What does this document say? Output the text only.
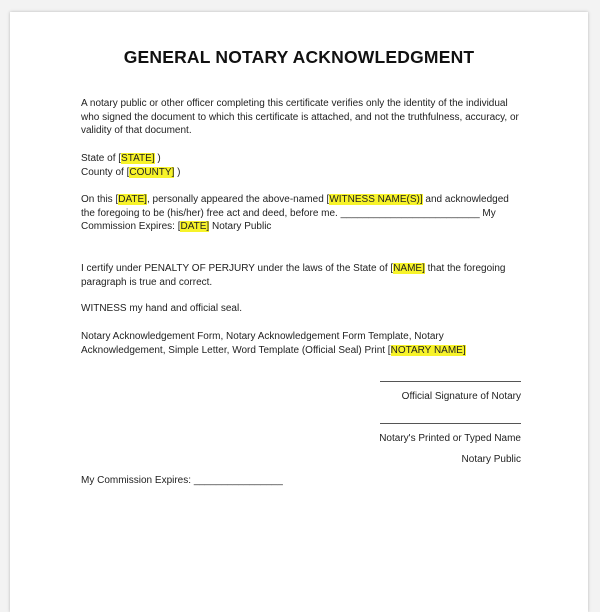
GENERAL NOTARY ACKNOWLEDGMENT

A notary public or other officer completing this certificate verifies only the identity of the individual who signed the document to which this certificate is attached, and not the truthfulness, accuracy, or validity of that document.

State of [STATE] )
County of [COUNTY] )

On this [DATE], personally appeared the above-named [WITNESS NAME(S)] and acknowledged the foregoing to be (his/her) free act and deed, before me. _________________________ My Commission Expires: [DATE] Notary Public

I certify under PENALTY OF PERJURY under the laws of the State of [NAME] that the foregoing paragraph is true and correct.

WITNESS my hand and official seal.

Notary Acknowledgement Form, Notary Acknowledgement Form Template, Notary Acknowledgement, Simple Letter, Word Template (Official Seal) Print [NOTARY NAME]

Official Signature of Notary
Notary's Printed or Typed Name
Notary Public

My Commission Expires: ________________
